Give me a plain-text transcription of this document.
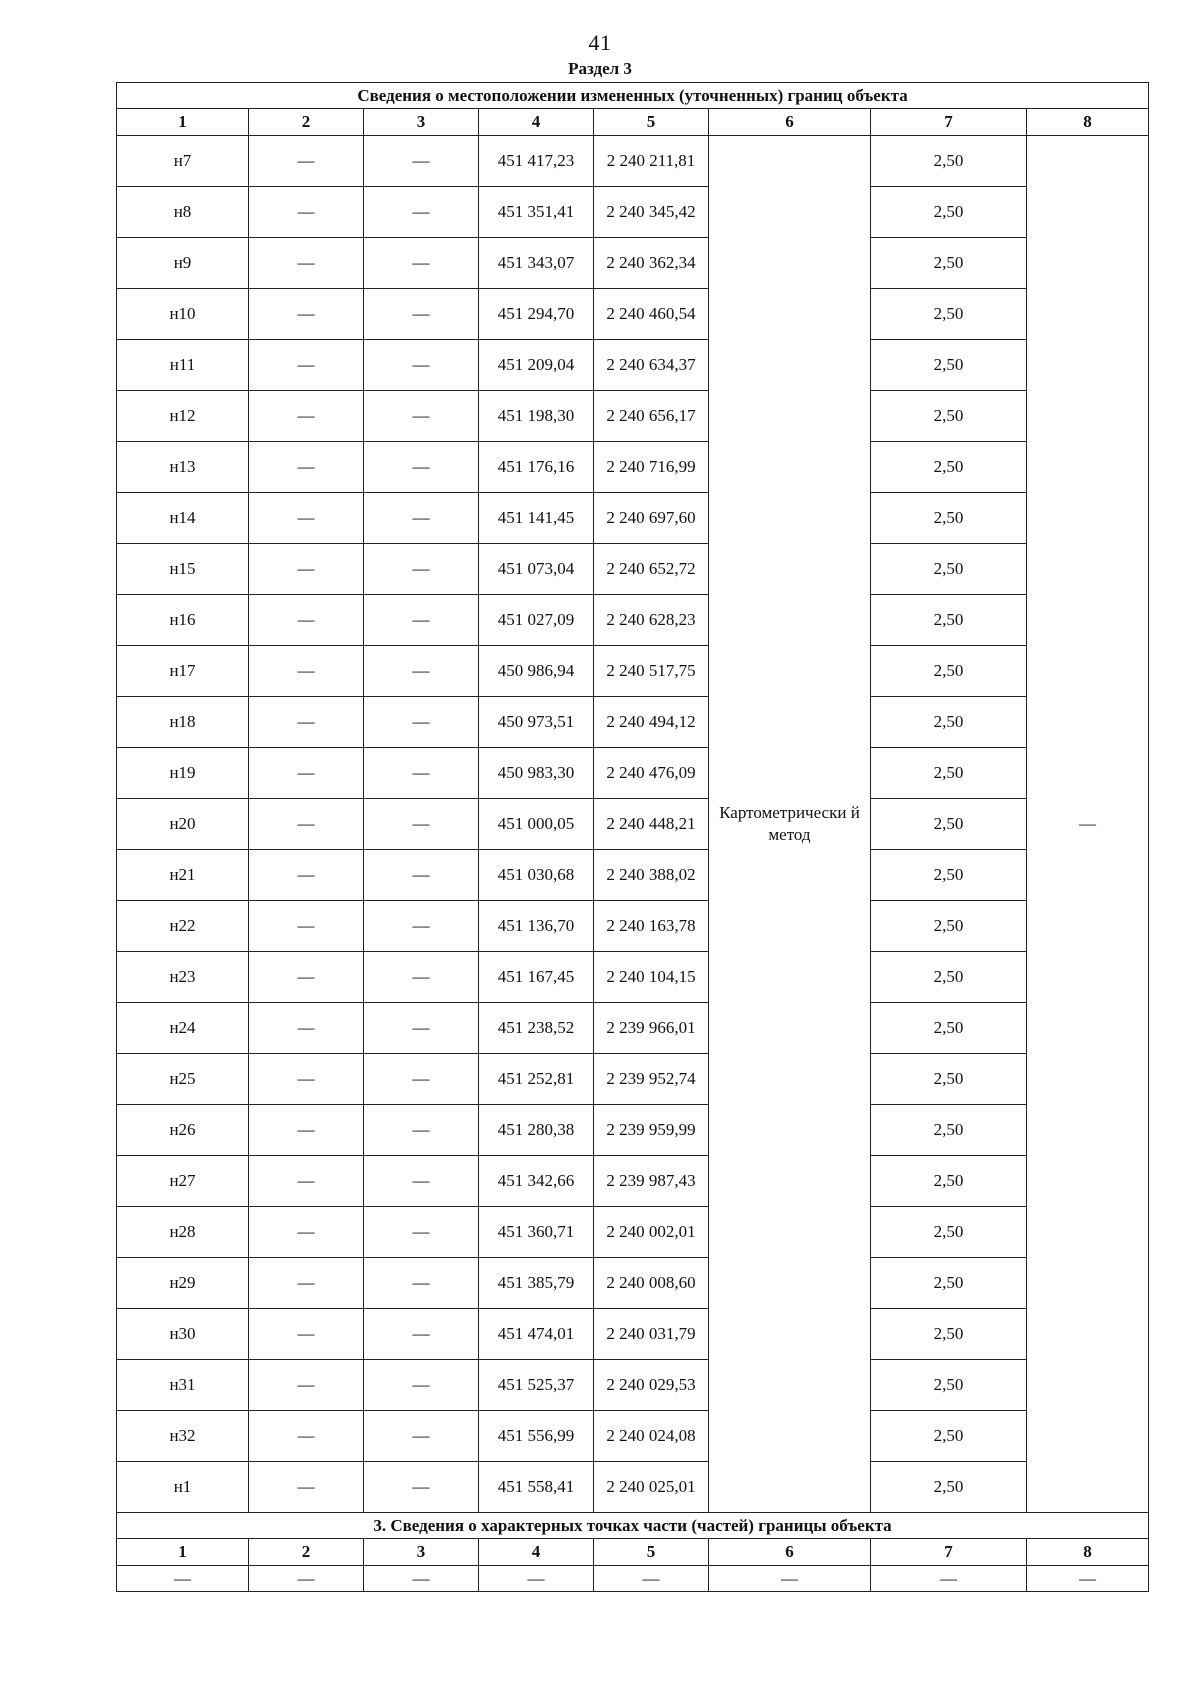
41
Раздел 3
Сведения о местоположении измененных (уточненных) границ объекта							
1	2	3	4	5	6	7	8
н7	—	—	451 417,23	2 240 211,81	Картометрически й метод	2,50	—
н8	—	—	451 351,41	2 240 345,42		2,50	
н9	—	—	451 343,07	2 240 362,34		2,50	
н10	—	—	451 294,70	2 240 460,54		2,50	
н11	—	—	451 209,04	2 240 634,37		2,50	
н12	—	—	451 198,30	2 240 656,17		2,50	
н13	—	—	451 176,16	2 240 716,99		2,50	
н14	—	—	451 141,45	2 240 697,60		2,50	
н15	—	—	451 073,04	2 240 652,72		2,50	
н16	—	—	451 027,09	2 240 628,23		2,50	
н17	—	—	450 986,94	2 240 517,75		2,50	
н18	—	—	450 973,51	2 240 494,12		2,50	
н19	—	—	450 983,30	2 240 476,09		2,50	
н20	—	—	451 000,05	2 240 448,21		2,50	
н21	—	—	451 030,68	2 240 388,02		2,50	
н22	—	—	451 136,70	2 240 163,78		2,50	
н23	—	—	451 167,45	2 240 104,15		2,50	
н24	—	—	451 238,52	2 239 966,01		2,50	
н25	—	—	451 252,81	2 239 952,74		2,50	
н26	—	—	451 280,38	2 239 959,99		2,50	
н27	—	—	451 342,66	2 239 987,43		2,50	
н28	—	—	451 360,71	2 240 002,01		2,50	
н29	—	—	451 385,79	2 240 008,60		2,50	
н30	—	—	451 474,01	2 240 031,79		2,50	
н31	—	—	451 525,37	2 240 029,53		2,50	
н32	—	—	451 556,99	2 240 024,08		2,50	
н1	—	—	451 558,41	2 240 025,01		2,50	
3. Сведения о характерных точках части (частей) границы объекта							
1	2	3	4	5	6	7	8
—	—	—	—	—	—	—	—
